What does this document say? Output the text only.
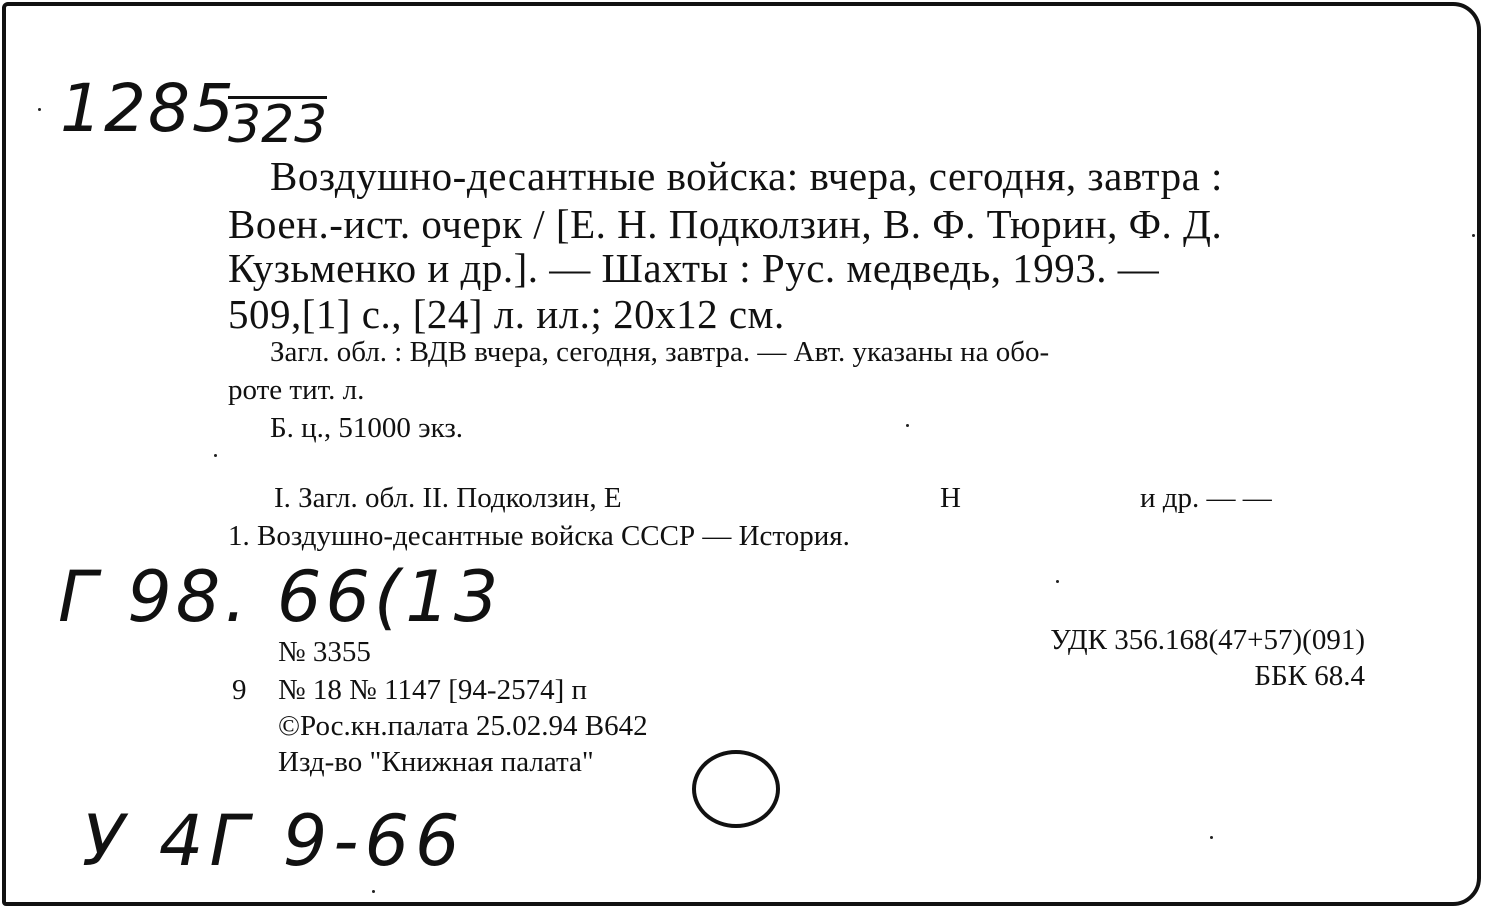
1285
323
Воздушно-десантные войска: вчера, сегодня, завтра :
Воен.-ист. очерк / [Е. Н. Подколзин, В. Ф. Тюрин, Ф. Д.
Кузьменко и др.]. — Шахты : Рус. медведь, 1993. —
509,[1] с., [24] л. ил.; 20х12 см.
Загл. обл. : ВДВ вчера, сегодня, завтра. — Авт. указаны на обо-
роте тит. л.
Б. ц., 51000 экз.
I. Загл. обл. II. Подколзин, Е	Н	и др. — —
1. Воздушно-десантные войска СССР — История.
Г 98. 66(13
№ 3355
9 № 18 № 1147 [94-2574] п
©Рос.кн.палата 25.02.94 В642
Изд-во "Книжная палата"
УДК 356.168(47+57)(091)
ББК 68.4
У 4Г 9-66
